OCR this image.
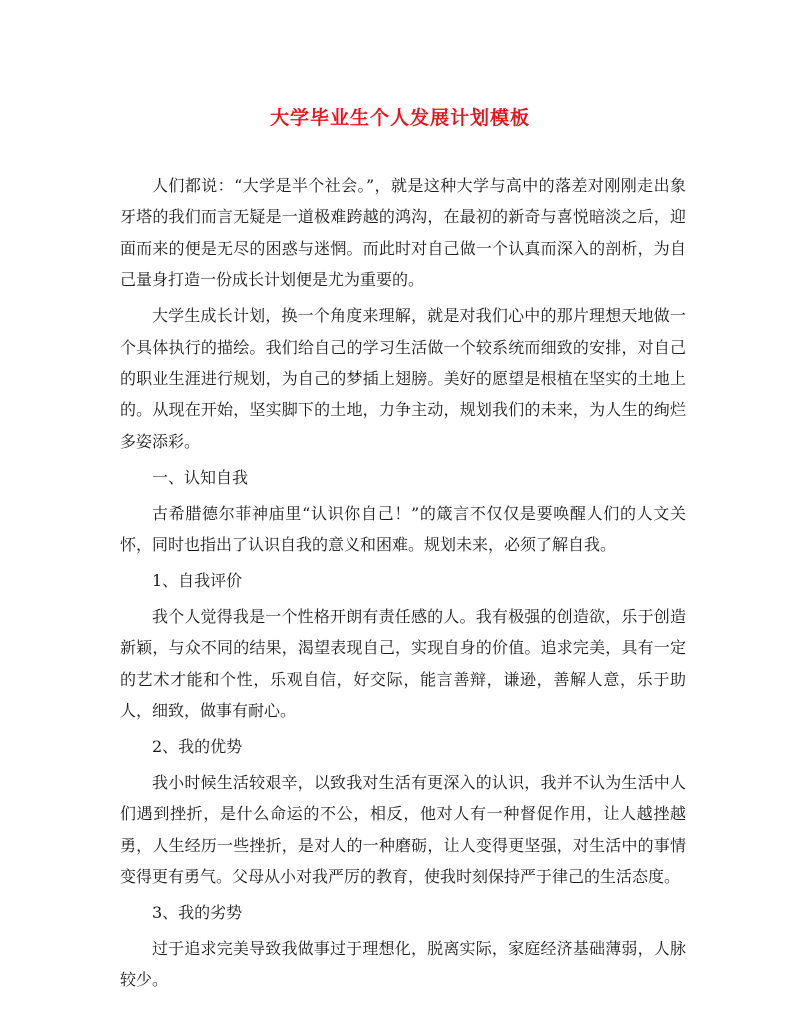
大学毕业生个人发展计划模板

人们都说：“大学是半个社会。”，就是这种大学与高中的落差对刚刚走出象牙塔的我们而言无疑是一道极难跨越的鸿沟，在最初的新奇与喜悦暗淡之后，迎面而来的便是无尽的困惑与迷惘。而此时对自己做一个认真而深入的剖析，为自己量身打造一份成长计划便是尤为重要的。

大学生成长计划，换一个角度来理解，就是对我们心中的那片理想天地做一个具体执行的描绘。我们给自己的学习生活做一个较系统而细致的安排，对自己的职业生涯进行规划，为自己的梦插上翅膀。美好的愿望是根植在坚实的土地上的。从现在开始，坚实脚下的土地，力争主动，规划我们的未来，为人生的绚烂多姿添彩。

一、认知自我

古希腊德尔菲神庙里“认识你自己！”的箴言不仅仅是要唤醒人们的人文关怀，同时也指出了认识自我的意义和困难。规划未来，必须了解自我。

1、自我评价

我个人觉得我是一个性格开朗有责任感的人。我有极强的创造欲，乐于创造新颖，与众不同的结果，渴望表现自己，实现自身的价值。追求完美，具有一定的艺术才能和个性，乐观自信，好交际，能言善辩，谦逊，善解人意，乐于助人，细致，做事有耐心。

2、我的优势

我小时候生活较艰辛，以致我对生活有更深入的认识，我并不认为生活中人们遇到挫折，是什么命运的不公，相反，他对人有一种督促作用，让人越挫越勇，人生经历一些挫折，是对人的一种磨砺，让人变得更坚强，对生活中的事情变得更有勇气。父母从小对我严厉的教育，使我时刻保持严于律己的生活态度。

3、我的劣势

过于追求完美导致我做事过于理想化，脱离实际，家庭经济基础薄弱，人脉较少。
